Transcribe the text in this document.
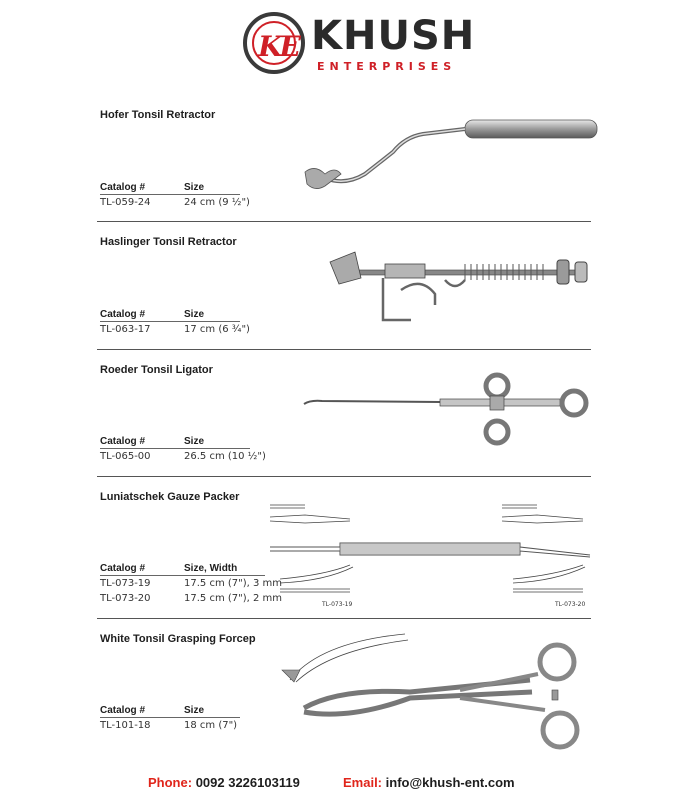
KE KHUSH
ENTERPRISES
Hofer Tonsil Retractor
Catalog #	Size
TL-059-24	24 cm (9 ½")
Haslinger Tonsil Retractor
Catalog #	Size
TL-063-17	17 cm (6 ¾")
Roeder Tonsil Ligator
Catalog #	Size
TL-065-00	26.5 cm (10 ½")
Luniatschek Gauze Packer
TL-073-19	TL-073-20
Catalog #	Size, Width
TL-073-19	17.5 cm (7"), 3 mm
TL-073-20	17.5 cm (7"), 2 mm
White Tonsil Grasping Forcep
Catalog #	Size
TL-101-18	18 cm (7")
Phone: 0092 3226103119	Email: info@khush-ent.com
